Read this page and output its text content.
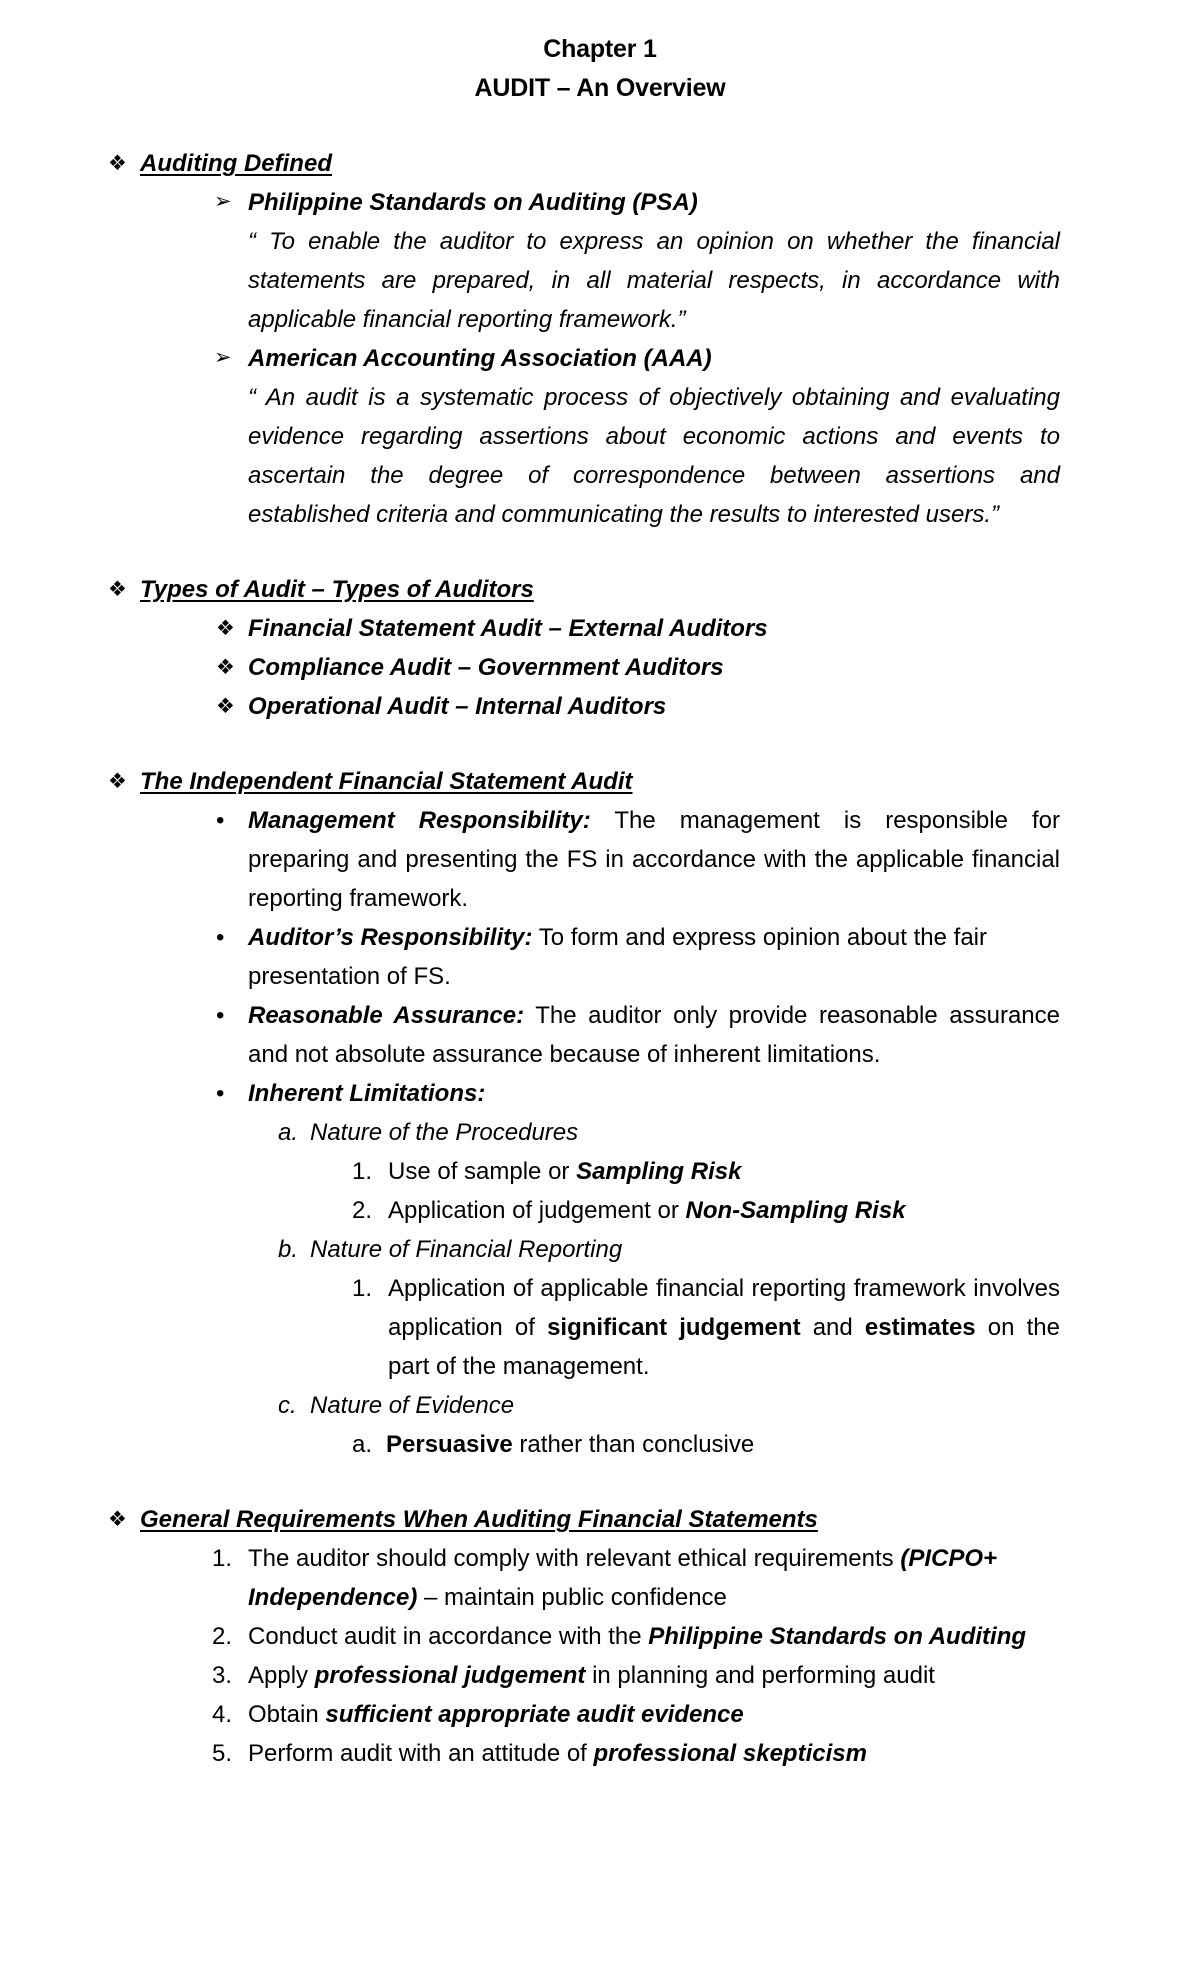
Chapter 1
AUDIT – An Overview
❖ Auditing Defined
➢ Philippine Standards on Auditing (PSA)
“ To enable the auditor to express an opinion on whether the financial statements are prepared, in all material respects, in accordance with applicable financial reporting framework.”
➢ American Accounting Association (AAA)
“ An audit is a systematic process of objectively obtaining and evaluating evidence regarding assertions about economic actions and events to ascertain the degree of correspondence between assertions and established criteria and communicating the results to interested users.”
❖ Types of Audit – Types of Auditors
❖ Financial Statement Audit – External Auditors
❖ Compliance Audit – Government Auditors
❖ Operational Audit – Internal Auditors
❖ The Independent Financial Statement Audit
• Management Responsibility: The management is responsible for preparing and presenting the FS in accordance with the applicable financial reporting framework.
• Auditor’s Responsibility: To form and express opinion about the fair presentation of FS.
• Reasonable Assurance: The auditor only provide reasonable assurance and not absolute assurance because of inherent limitations.
• Inherent Limitations:
a. Nature of the Procedures
1. Use of sample or Sampling Risk
2. Application of judgement or Non-Sampling Risk
b. Nature of Financial Reporting
1. Application of applicable financial reporting framework involves application of significant judgement and estimates on the part of the management.
c. Nature of Evidence
a. Persuasive rather than conclusive
❖ General Requirements When Auditing Financial Statements
1. The auditor should comply with relevant ethical requirements (PICPO+ Independence) – maintain public confidence
2. Conduct audit in accordance with the Philippine Standards on Auditing
3. Apply professional judgement in planning and performing audit
4. Obtain sufficient appropriate audit evidence
5. Perform audit with an attitude of professional skepticism
